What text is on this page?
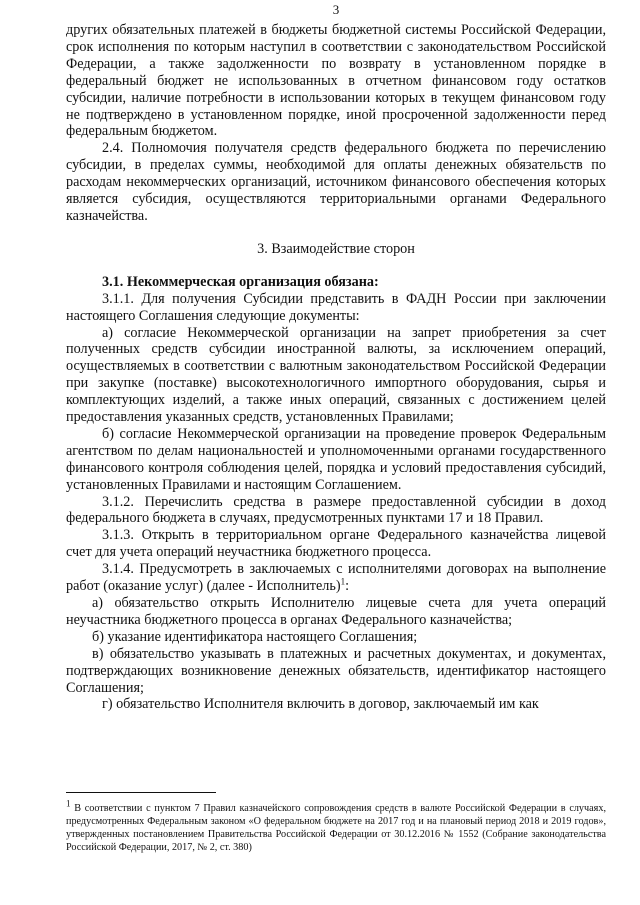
3

других обязательных платежей в бюджеты бюджетной системы Российской Федерации, срок исполнения по которым наступил в соответствии с законодательством Российской Федерации, а также задолженности по возврату в установленном порядке в федеральный бюджет не использованных в отчетном финансовом году остатков субсидии, наличие потребности в использовании которых в текущем финансовом году не подтверждено в установленном порядке, иной просроченной задолженности перед федеральным бюджетом.

2.4. Полномочия получателя средств федерального бюджета по перечислению субсидии, в пределах суммы, необходимой для оплаты денежных обязательств по расходам некоммерческих организаций, источником финансового обеспечения которых является субсидия, осуществляются территориальными органами Федерального казначейства.

3. Взаимодействие сторон

3.1. Некоммерческая организация обязана:

3.1.1. Для получения Субсидии представить в ФАДН России при заключении настоящего Соглашения следующие документы:

а) согласие Некоммерческой организации на запрет приобретения за счет полученных средств субсидии иностранной валюты, за исключением операций, осуществляемых в соответствии с валютным законодательством Российской Федерации при закупке (поставке) высокотехнологичного импортного оборудования, сырья и комплектующих изделий, а также иных операций, связанных с достижением целей предоставления указанных средств, установленных Правилами;

б) согласие Некоммерческой организации на проведение проверок Федеральным агентством по делам национальностей и уполномоченными органами государственного финансового контроля соблюдения целей, порядка и условий предоставления субсидий, установленных Правилами и настоящим Соглашением.

3.1.2. Перечислить средства в размере предоставленной субсидии в доход федерального бюджета в случаях, предусмотренных пунктами 17 и 18 Правил.

3.1.3. Открыть в территориальном органе Федерального казначейства лицевой счет для учета операций неучастника бюджетного процесса.

3.1.4. Предусмотреть в заключаемых с исполнителями договорах на выполнение работ (оказание услуг) (далее - Исполнитель)$^1$:

а) обязательство открыть Исполнителю лицевые счета для учета операций неучастника бюджетного процесса в органах Федерального казначейства;

б) указание идентификатора настоящего Соглашения;

в) обязательство указывать в платежных и расчетных документах, и документах, подтверждающих возникновение денежных обязательств, идентификатор настоящего Соглашения;

г) обязательство Исполнителя включить в договор, заключаемый им как

$^1$ В соответствии с пунктом 7 Правил казначейского сопровождения средств в валюте Российской Федерации в случаях, предусмотренных Федеральным законом «О федеральном бюджете на 2017 год и на плановый период 2018 и 2019 годов», утвержденных постановлением Правительства Российской Федерации от 30.12.2016 № 1552 (Собрание законодательства Российской Федерации, 2017, № 2, ст. 380)
